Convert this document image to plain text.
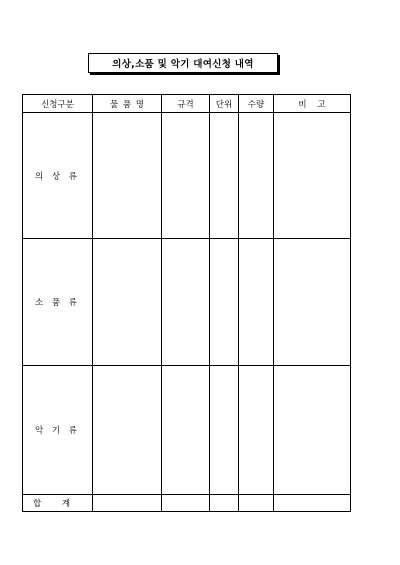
의상,소품 및 악기 대여신청 내역
신청구분	물 품 명	규격	단위	수량	비    고
의 상 류					
소 품 류					
악 기 류					
합 계					
